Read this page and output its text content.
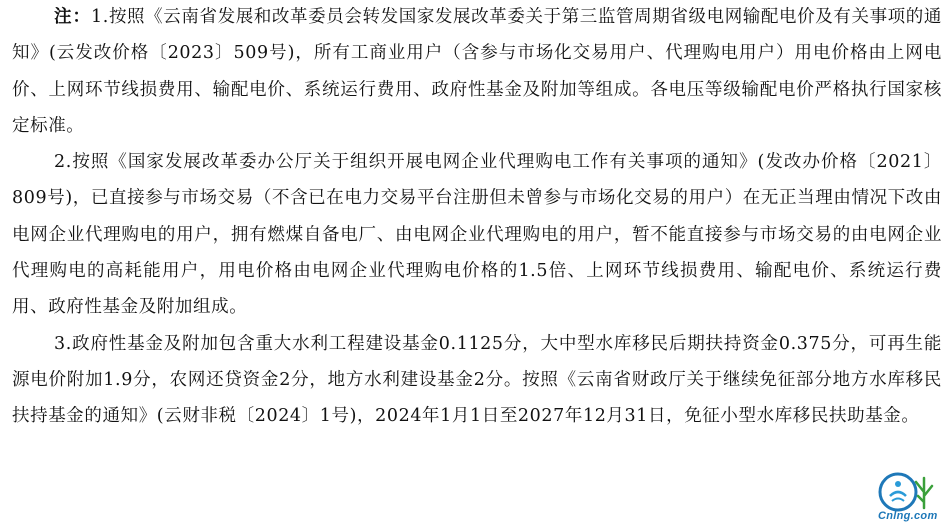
注：1.按照《云南省发展和改革委员会转发国家发展改革委关于第三监管周期省级电网输配电价及有关事项的通知》(云发改价格〔2023〕509号)，所有工商业用户（含参与市场化交易用户、代理购电用户）用电价格由上网电价、上网环节线损费用、输配电价、系统运行费用、政府性基金及附加等组成。各电压等级输配电价严格执行国家核定标准。

2.按照《国家发展改革委办公厅关于组织开展电网企业代理购电工作有关事项的通知》(发改办价格〔2021〕809号)，已直接参与市场交易（不含已在电力交易平台注册但未曾参与市场化交易的用户）在无正当理由情况下改由电网企业代理购电的用户，拥有燃煤自备电厂、由电网企业代理购电的用户，暂不能直接参与市场交易的由电网企业代理购电的高耗能用户，用电价格由电网企业代理购电价格的1.5倍、上网环节线损费用、输配电价、系统运行费用、政府性基金及附加组成。

3.政府性基金及附加包含重大水利工程建设基金0.1125分，大中型水库移民后期扶持资金0.375分，可再生能源电价附加1.9分，农网还贷资金2分，地方水利建设基金2分。按照《云南省财政厅关于继续免征部分地方水库移民扶持基金的通知》(云财非税〔2024〕1号)，2024年1月1日至2027年12月31日，免征小型水库移民扶助基金。

Cnlng.com
